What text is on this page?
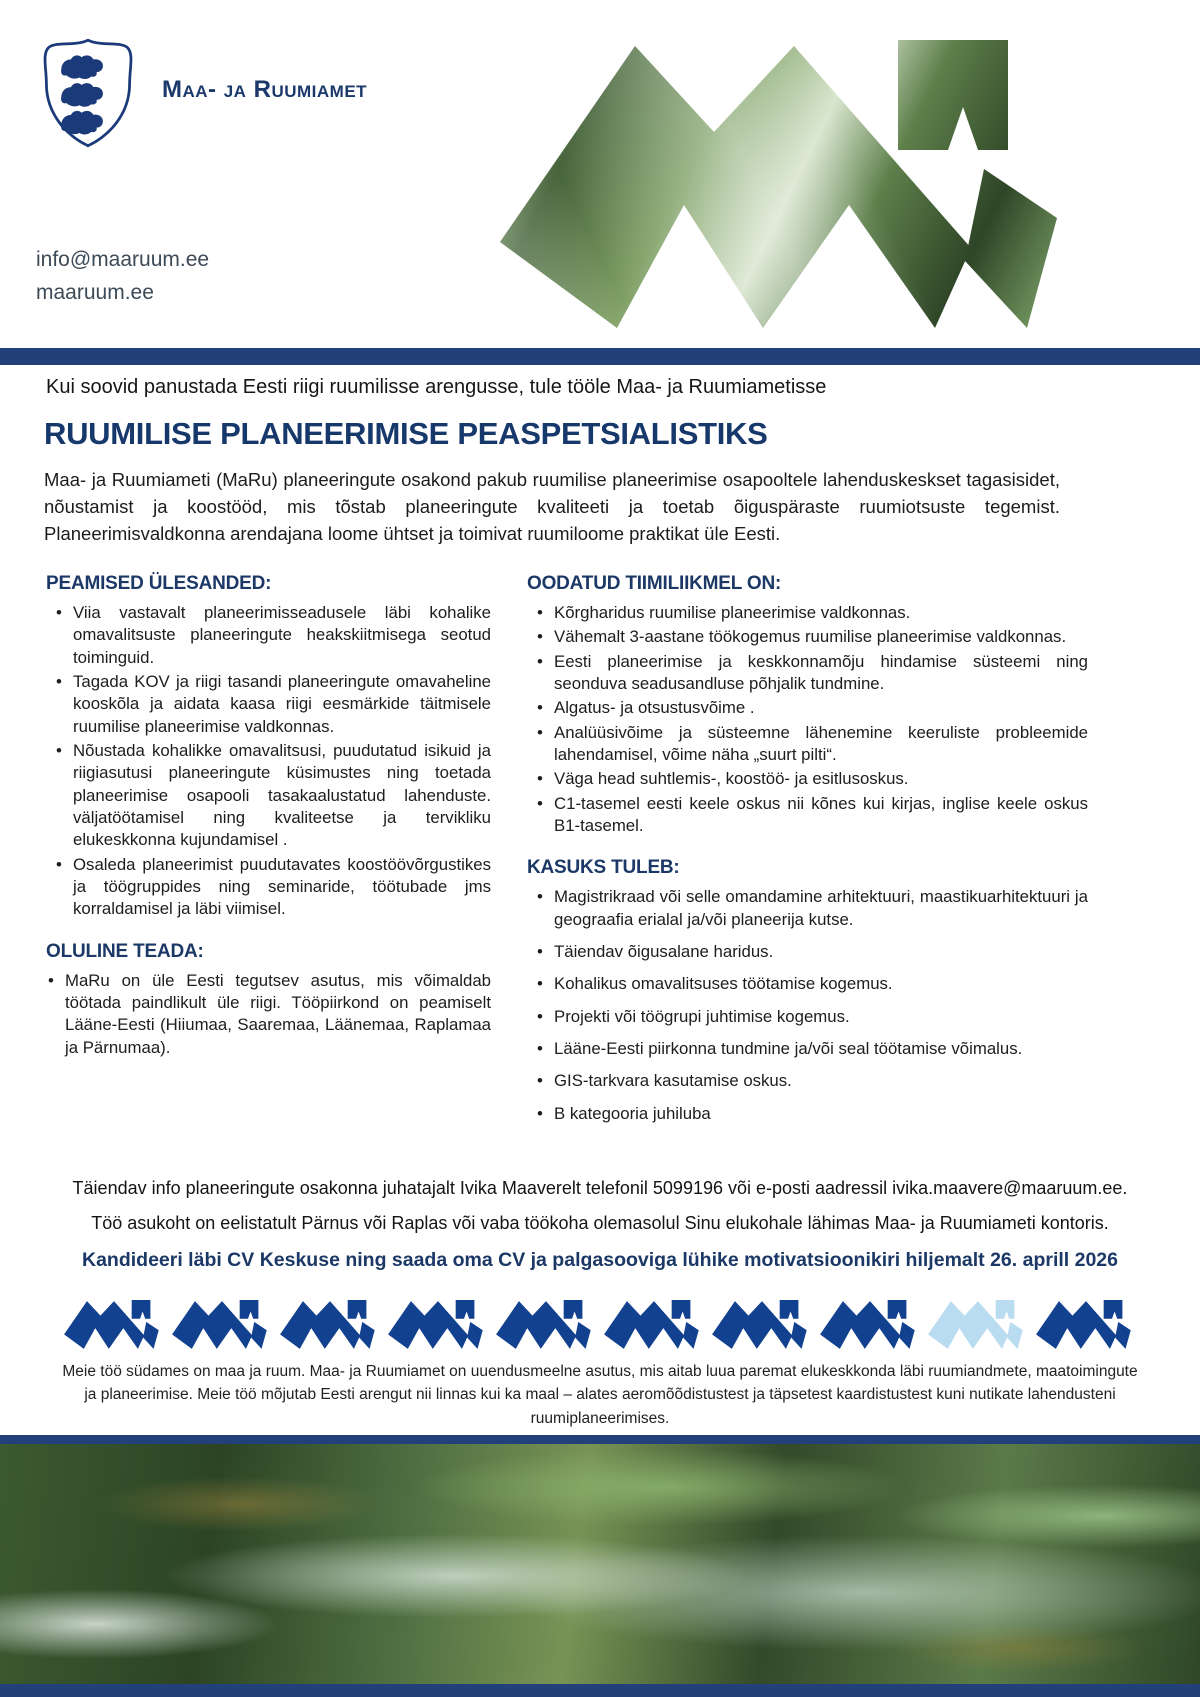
Maa- ja Ruumiamet
info@maaruum.ee
maaruum.ee
Kui soovid panustada Eesti riigi ruumilisse arengusse, tule tööle Maa- ja Ruumiametisse
RUUMILISE PLANEERIMISE PEASPETSIALISTIKS
Maa- ja Ruumiameti (MaRu) planeeringute osakond pakub ruumilise planeerimise osapooltele lahenduskeskset tagasisidet, nõustamist ja koostööd, mis tõstab planeeringute kvaliteeti ja toetab õiguspäraste ruumiotsuste tegemist. Planeerimisvaldkonna arendajana loome ühtset ja toimivat ruumiloome praktikat üle Eesti.
PEAMISED ÜLESANDED:
• Viia vastavalt planeerimisseadusele läbi kohalike omavalitsuste planeeringute heakskiitmisega seotud toiminguid.
• Tagada KOV ja riigi tasandi planeeringute omavaheline kooskõla ja aidata kaasa riigi eesmärkide täitmisele ruumilise planeerimise valdkonnas.
• Nõustada kohalikke omavalitsusi, puudutatud isikuid ja riigiasutusi planeeringute küsimustes ning toetada planeerimise osapooli tasakaalustatud lahenduste. väljatöötamisel ning kvaliteetse ja tervikliku elukeskkonna kujundamisel .
• Osaleda planeerimist puudutavates koostöövõrgustikes ja töögruppides ning seminaride, töötubade jms korraldamisel ja läbi viimisel.
OLULINE TEADA:
• MaRu on üle Eesti tegutsev asutus, mis võimaldab töötada paindlikult üle riigi. Tööpiirkond on peamiselt Lääne-Eesti (Hiiumaa, Saaremaa, Läänemaa, Raplamaa ja Pärnumaa).
OODATUD TIIMILIIKMEL ON:
• Kõrgharidus ruumilise planeerimise valdkonnas.
• Vähemalt 3-aastane töökogemus ruumilise planeerimise valdkonnas.
• Eesti planeerimise ja keskkonnamõju hindamise süsteemi ning seonduva seadusandluse põhjalik tundmine.
• Algatus- ja otsustusvõime .
• Analüüsivõime ja süsteemne lähenemine keeruliste probleemide lahendamisel, võime näha „suurt pilti“.
• Väga head suhtlemis-, koostöö- ja esitlusoskus.
• C1-tasemel eesti keele oskus nii kõnes kui kirjas, inglise keele oskus B1-tasemel.
KASUKS TULEB:
• Magistrikraad või selle omandamine arhitektuuri, maastikuarhitektuuri ja geograafia erialal ja/või planeerija kutse.
• Täiendav õigusalane haridus.
• Kohalikus omavalitsuses töötamise kogemus.
• Projekti või töögrupi juhtimise kogemus.
• Lääne-Eesti piirkonna tundmine ja/või seal töötamise võimalus.
• GIS-tarkvara kasutamise oskus.
• B kategooria juhiluba
Täiendav info planeeringute osakonna juhatajalt Ivika Maaverelt telefonil 5099196 või e-posti aadressil ivika.maavere@maaruum.ee.
Töö asukoht on eelistatult Pärnus või Raplas või vaba töökoha olemasolul Sinu elukohale lähimas Maa- ja Ruumiameti kontoris.
Kandideeri läbi CV Keskuse ning saada oma CV ja palgasooviga lühike motivatsioonikiri hiljemalt 26. aprill 2026
Meie töö südames on maa ja ruum. Maa- ja Ruumiamet on uuendusmeelne asutus, mis aitab luua paremat elukeskkonda läbi ruumiandmete, maatoimingute ja planeerimise. Meie töö mõjutab Eesti arengut nii linnas kui ka maal – alates aeromõõdistustest ja täpsetest kaardistustest kuni nutikate lahendusteni ruumiplaneerimises.
